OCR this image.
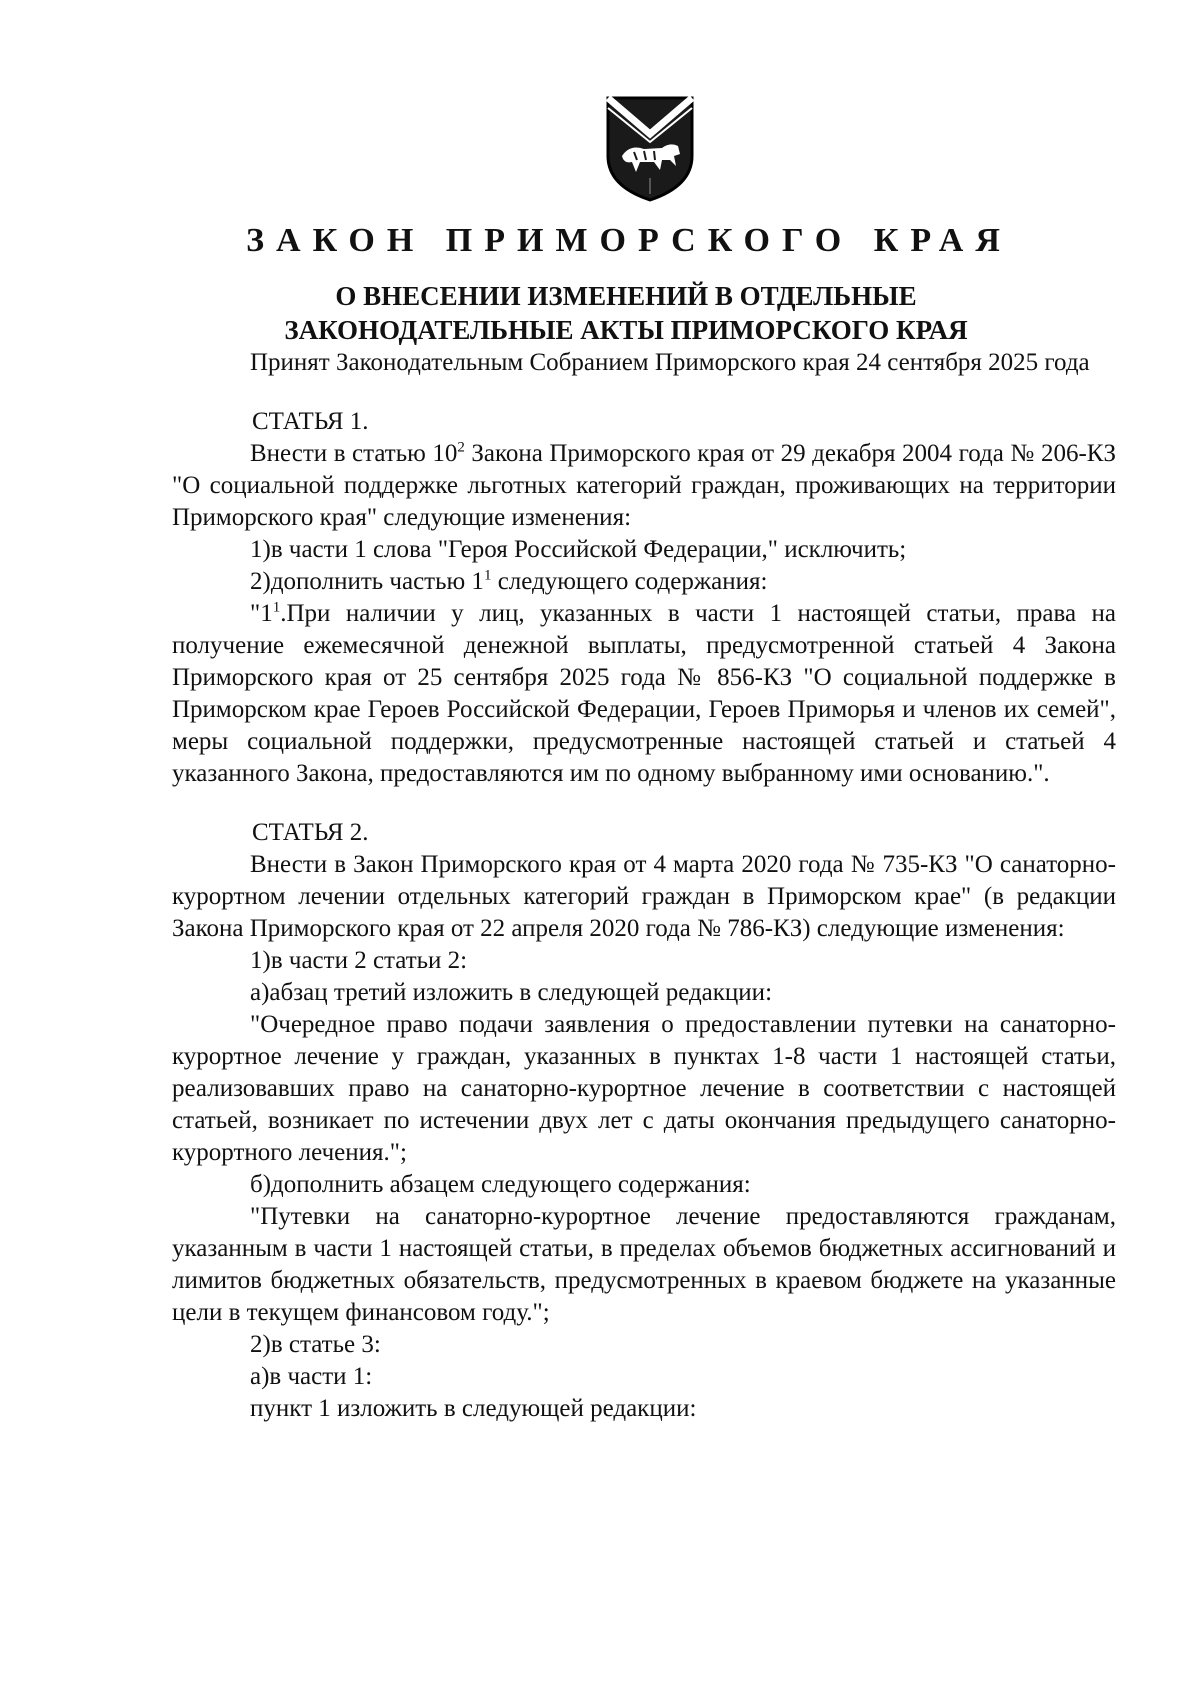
ЗАКОН ПРИМОРСКОГО КРАЯ
О ВНЕСЕНИИ ИЗМЕНЕНИЙ В ОТДЕЛЬНЫЕ
ЗАКОНОДАТЕЛЬНЫЕ АКТЫ ПРИМОРСКОГО КРАЯ

Принят Законодательным Собранием Приморского края 24 сентября 2025 года

СТАТЬЯ 1.

Внести в статью $10^2$ Закона Приморского края от 29 декабря 2004 года № 206-КЗ "О социальной поддержке льготных категорий граждан, проживающих на территории Приморского края" следующие изменения:

1)в части 1 слова "Героя Российской Федерации," исключить;

2)дополнить частью $1^1$ следующего содержания:

"$1^1.При$ наличии у лиц, указанных в части 1 настоящей статьи, права на получение ежемесячной денежной выплаты, предусмотренной статьей 4 Закона Приморского края от 25 сентября 2025 года № 856-КЗ "О социальной поддержке в Приморском крае Героев Российской Федерации, Героев Приморья и членов их семей", меры социальной поддержки, предусмотренные настоящей статьей и статьей 4 указанного Закона, предоставляются им по одному выбранному ими основанию.".

СТАТЬЯ 2.

Внести в Закон Приморского края от 4 марта 2020 года № 735-КЗ "О санаторно-курортном лечении отдельных категорий граждан в Приморском крае" (в редакции Закона Приморского края от 22 апреля 2020 года № 786-КЗ) следующие изменения:

1)в части 2 статьи 2:

а)абзац третий изложить в следующей редакции:

"Очередное право подачи заявления о предоставлении путевки на санаторно-курортное лечение у граждан, указанных в пунктах 1-8 части 1 настоящей статьи, реализовавших право на санаторно-курортное лечение в соответствии с настоящей статьей, возникает по истечении двух лет с даты окончания предыдущего санаторно-курортного лечения.";

б)дополнить абзацем следующего содержания:

"Путевки на санаторно-курортное лечение предоставляются гражданам, указанным в части 1 настоящей статьи, в пределах объемов бюджетных ассигнований и лимитов бюджетных обязательств, предусмотренных в краевом бюджете на указанные цели в текущем финансовом году.";

2)в статье 3:

а)в части 1:

пункт 1 изложить в следующей редакции:
